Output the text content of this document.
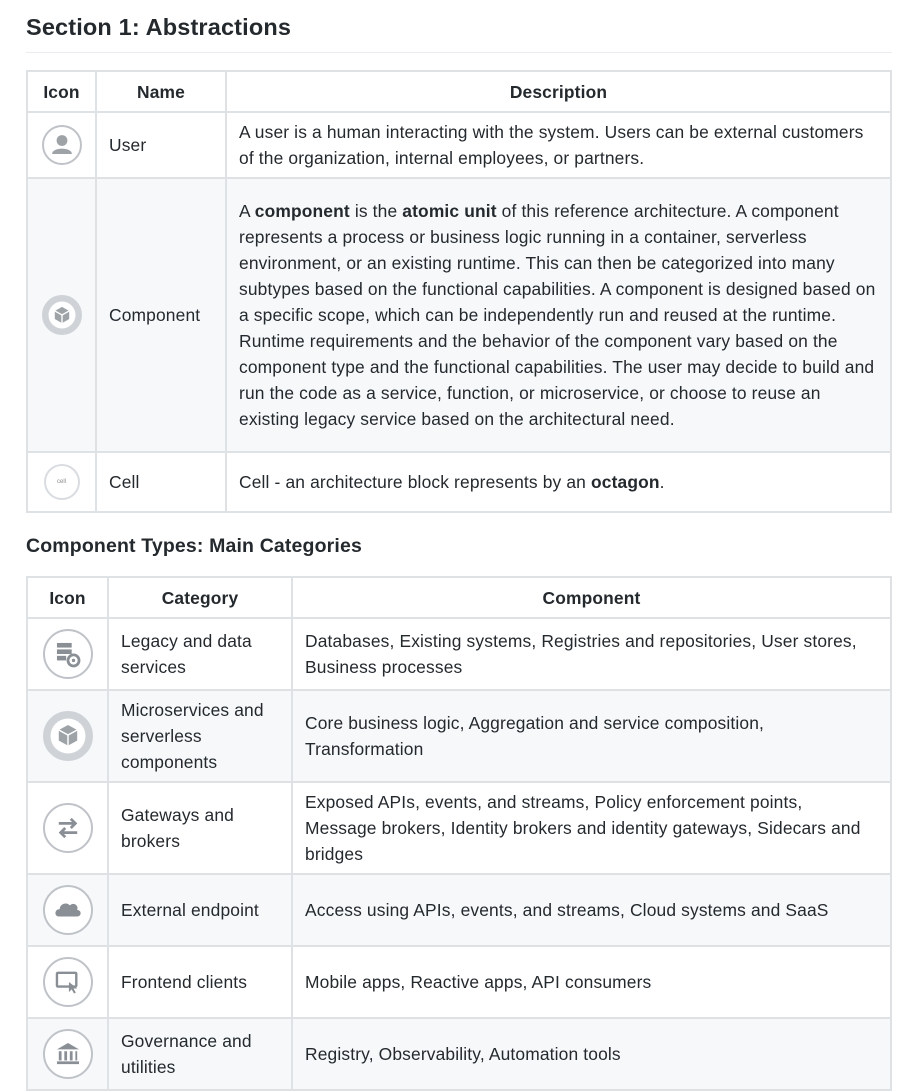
Section 1: Abstractions
Icon	Name	Description

	User	A user is a human interacting with the system. Users can be external customers of the organization, internal employees, or partners.

	Component	A component is the atomic unit of this reference architecture. A component represents a process or business logic running in a container, serverless environment, or an existing runtime. This can then be categorized into many subtypes based on the functional capabilities. A component is designed based on a specific scope, which can be independently run and reused at the runtime. Runtime requirements and the behavior of the component vary based on the component type and the functional capabilities. The user may decide to build and run the code as a service, function, or microservice, or choose to reuse an existing legacy service based on the architectural need.

cell	Cell	Cell - an architecture block represents by an octagon.
Component Types: Main Categories
Icon	Category	Component

	Legacy and data services	Databases, Existing systems, Registries and repositories, User stores, Business processes

	Microservices and serverless components	Core business logic, Aggregation and service composition, Transformation

	Gateways and brokers	Exposed APIs, events, and streams, Policy enforcement points, Message brokers, Identity brokers and identity gateways, Sidecars and bridges

	External endpoint	Access using APIs, events, and streams, Cloud systems and SaaS

	Frontend clients	Mobile apps, Reactive apps, API consumers

	Governance and utilities	Registry, Observability, Automation tools
